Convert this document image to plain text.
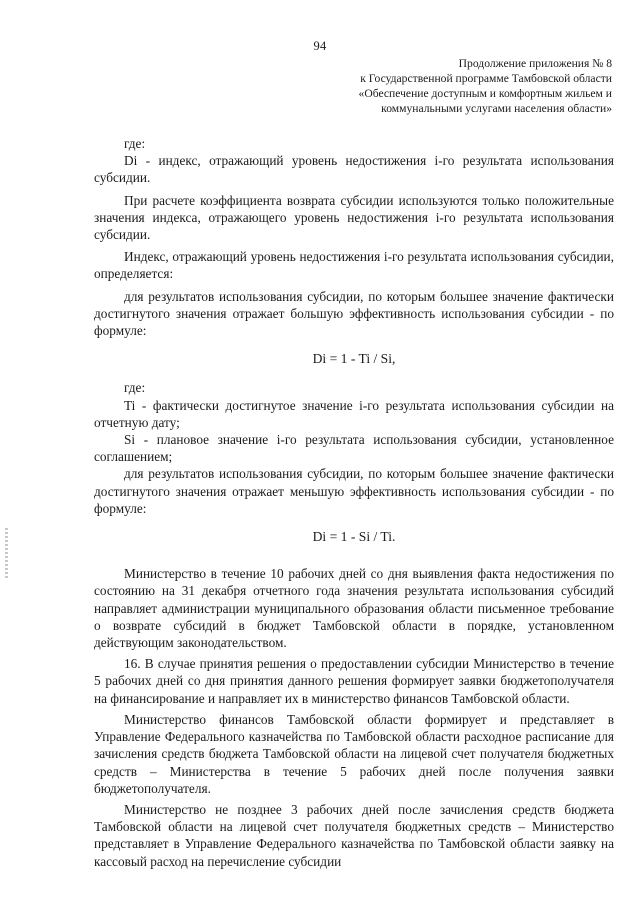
94
Продолжение приложения № 8
к Государственной программе Тамбовской области
«Обеспечение доступным и комфортным жильем и
коммунальными услугами населения области»

где:

Di - индекс, отражающий уровень недостижения i-го результата использования субсидии.

При расчете коэффициента возврата субсидии используются только положительные значения индекса, отражающего уровень недостижения i-го результата использования субсидии.

Индекс, отражающий уровень недостижения i-го результата использования субсидии, определяется:

для результатов использования субсидии, по которым большее значение фактически достигнутого значения отражает большую эффективность использования субсидии - по формуле:

Di = 1 - Ti / Si,

где:

Ti - фактически достигнутое значение i-го результата использования субсидии на отчетную дату;

Si - плановое значение i-го результата использования субсидии, установленное соглашением;

для результатов использования субсидии, по которым большее значение фактически достигнутого значения отражает меньшую эффективность использования субсидии - по формуле:

Di = 1 - Si / Ti.

Министерство в течение 10 рабочих дней со дня выявления факта недостижения по состоянию на 31 декабря отчетного года значения результата использования субсидий направляет администрации муниципального образования области письменное требование о возврате субсидий в бюджет Тамбовской области в порядке, установленном действующим законодательством.

16. В случае принятия решения о предоставлении субсидии Министерство в течение 5 рабочих дней со дня принятия данного решения формирует заявки бюджетополучателя на финансирование и направляет их в министерство финансов Тамбовской области.

Министерство финансов Тамбовской области формирует и представляет в Управление Федерального казначейства по Тамбовской области расходное расписание для зачисления средств бюджета Тамбовской области на лицевой счет получателя бюджетных средств – Министерства в течение 5 рабочих дней после получения заявки бюджетополучателя.

Министерство не позднее 3 рабочих дней после зачисления средств бюджета Тамбовской области на лицевой счет получателя бюджетных средств – Министерство представляет в Управление Федерального казначейства по Тамбовской области заявку на кассовый расход на перечисление субсидии
